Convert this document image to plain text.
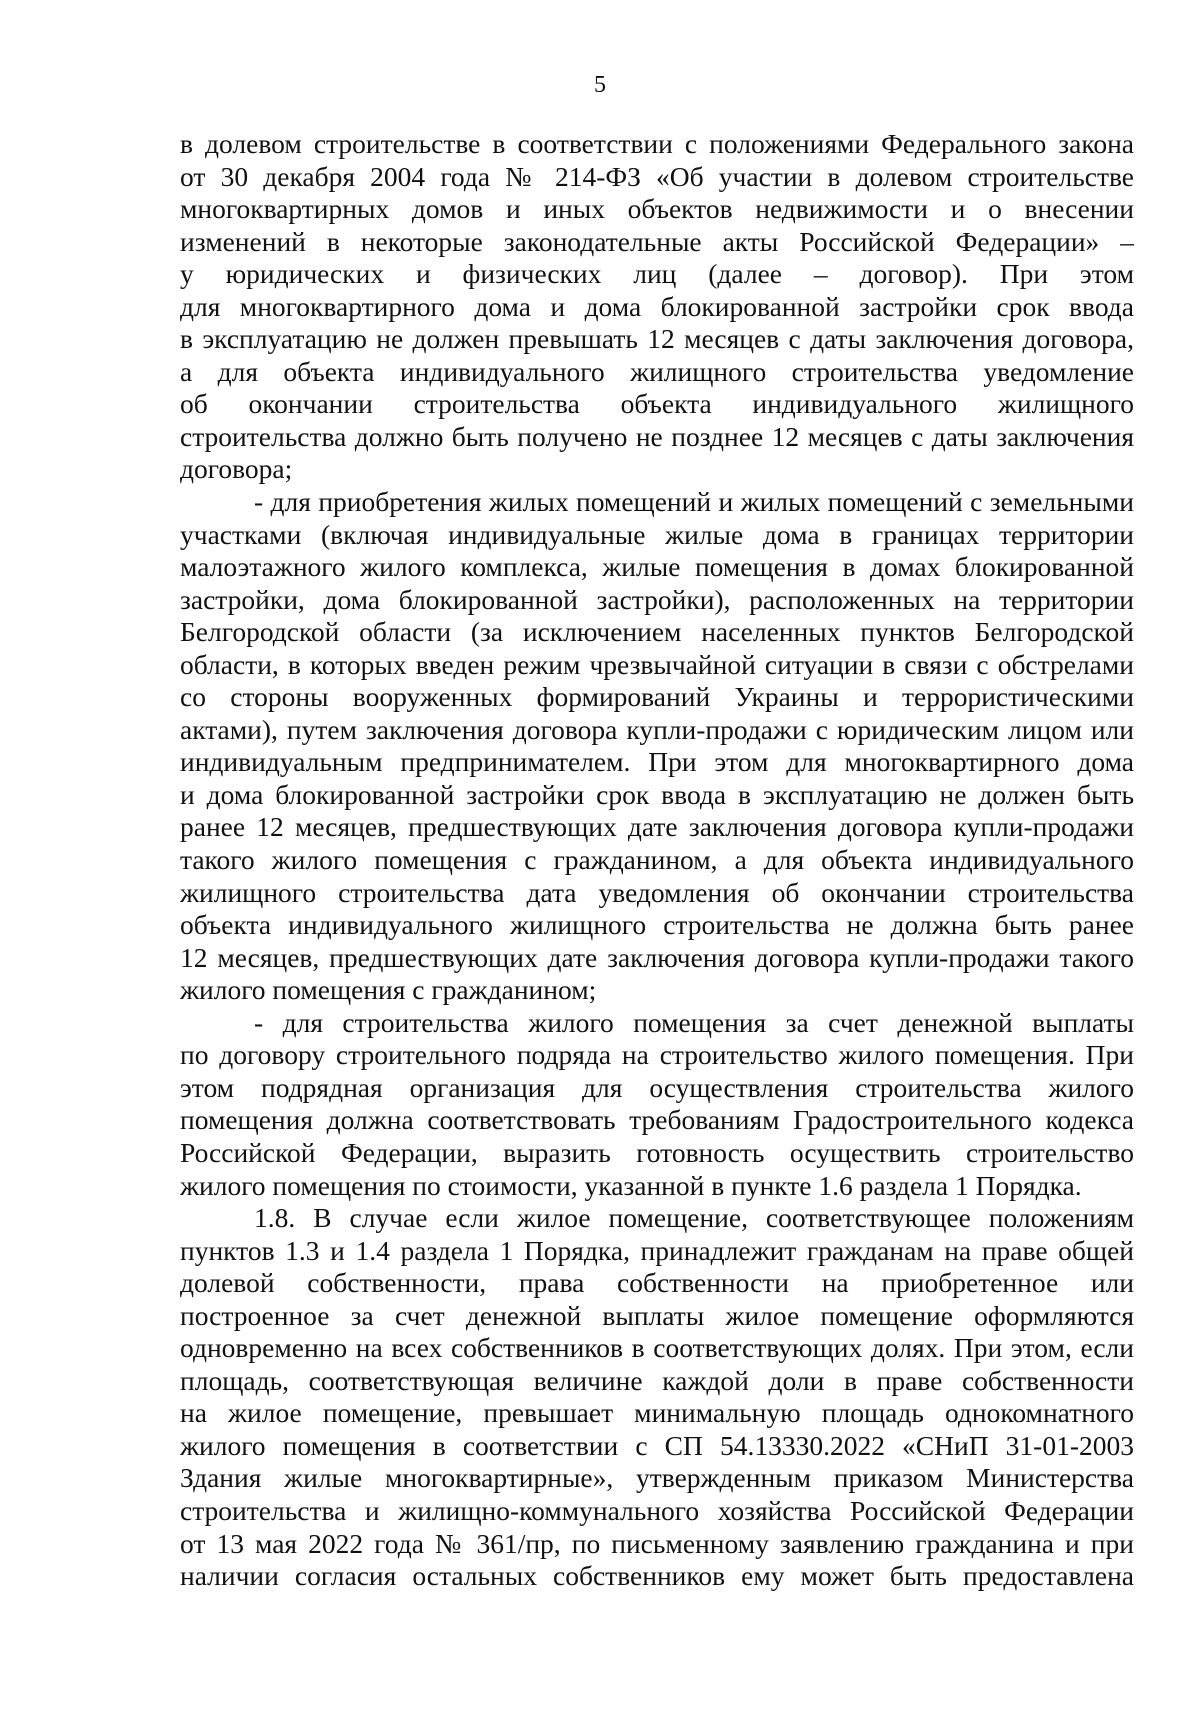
5
в долевом строительстве в соответствии с положениями Федерального закона
от 30 декабря 2004 года № 214-ФЗ «Об участии в долевом строительстве
многоквартирных домов и иных объектов недвижимости и о внесении
изменений в некоторые законодательные акты Российской Федерации» –
у юридических и физических лиц (далее – договор). При этом
для многоквартирного дома и дома блокированной застройки срок ввода
в эксплуатацию не должен превышать 12 месяцев с даты заключения договора,
а для объекта индивидуального жилищного строительства уведомление
об окончании строительства объекта индивидуального жилищного
строительства должно быть получено не позднее 12 месяцев с даты заключения
договора;
- для приобретения жилых помещений и жилых помещений с земельными
участками (включая индивидуальные жилые дома в границах территории
малоэтажного жилого комплекса, жилые помещения в домах блокированной
застройки, дома блокированной застройки), расположенных на территории
Белгородской области (за исключением населенных пунктов Белгородской
области, в которых введен режим чрезвычайной ситуации в связи с обстрелами
со стороны вооруженных формирований Украины и террористическими
актами), путем заключения договора купли-продажи с юридическим лицом или
индивидуальным предпринимателем. При этом для многоквартирного дома
и дома блокированной застройки срок ввода в эксплуатацию не должен быть
ранее 12 месяцев, предшествующих дате заключения договора купли-продажи
такого жилого помещения с гражданином, а для объекта индивидуального
жилищного строительства дата уведомления об окончании строительства
объекта индивидуального жилищного строительства не должна быть ранее
12 месяцев, предшествующих дате заключения договора купли-продажи такого
жилого помещения с гражданином;
- для строительства жилого помещения за счет денежной выплаты
по договору строительного подряда на строительство жилого помещения. При
этом подрядная организация для осуществления строительства жилого
помещения должна соответствовать требованиям Градостроительного кодекса
Российской Федерации, выразить готовность осуществить строительство
жилого помещения по стоимости, указанной в пункте 1.6 раздела 1 Порядка.
1.8. В случае если жилое помещение, соответствующее положениям
пунктов 1.3 и 1.4 раздела 1 Порядка, принадлежит гражданам на праве общей
долевой собственности, права собственности на приобретенное или
построенное за счет денежной выплаты жилое помещение оформляются
одновременно на всех собственников в соответствующих долях. При этом, если
площадь, соответствующая величине каждой доли в праве собственности
на жилое помещение, превышает минимальную площадь однокомнатного
жилого помещения в соответствии с СП 54.13330.2022 «СНиП 31-01-2003
Здания жилые многоквартирные», утвержденным приказом Министерства
строительства и жилищно-коммунального хозяйства Российской Федерации
от 13 мая 2022 года № 361/пр, по письменному заявлению гражданина и при
наличии согласия остальных собственников ему может быть предоставлена
